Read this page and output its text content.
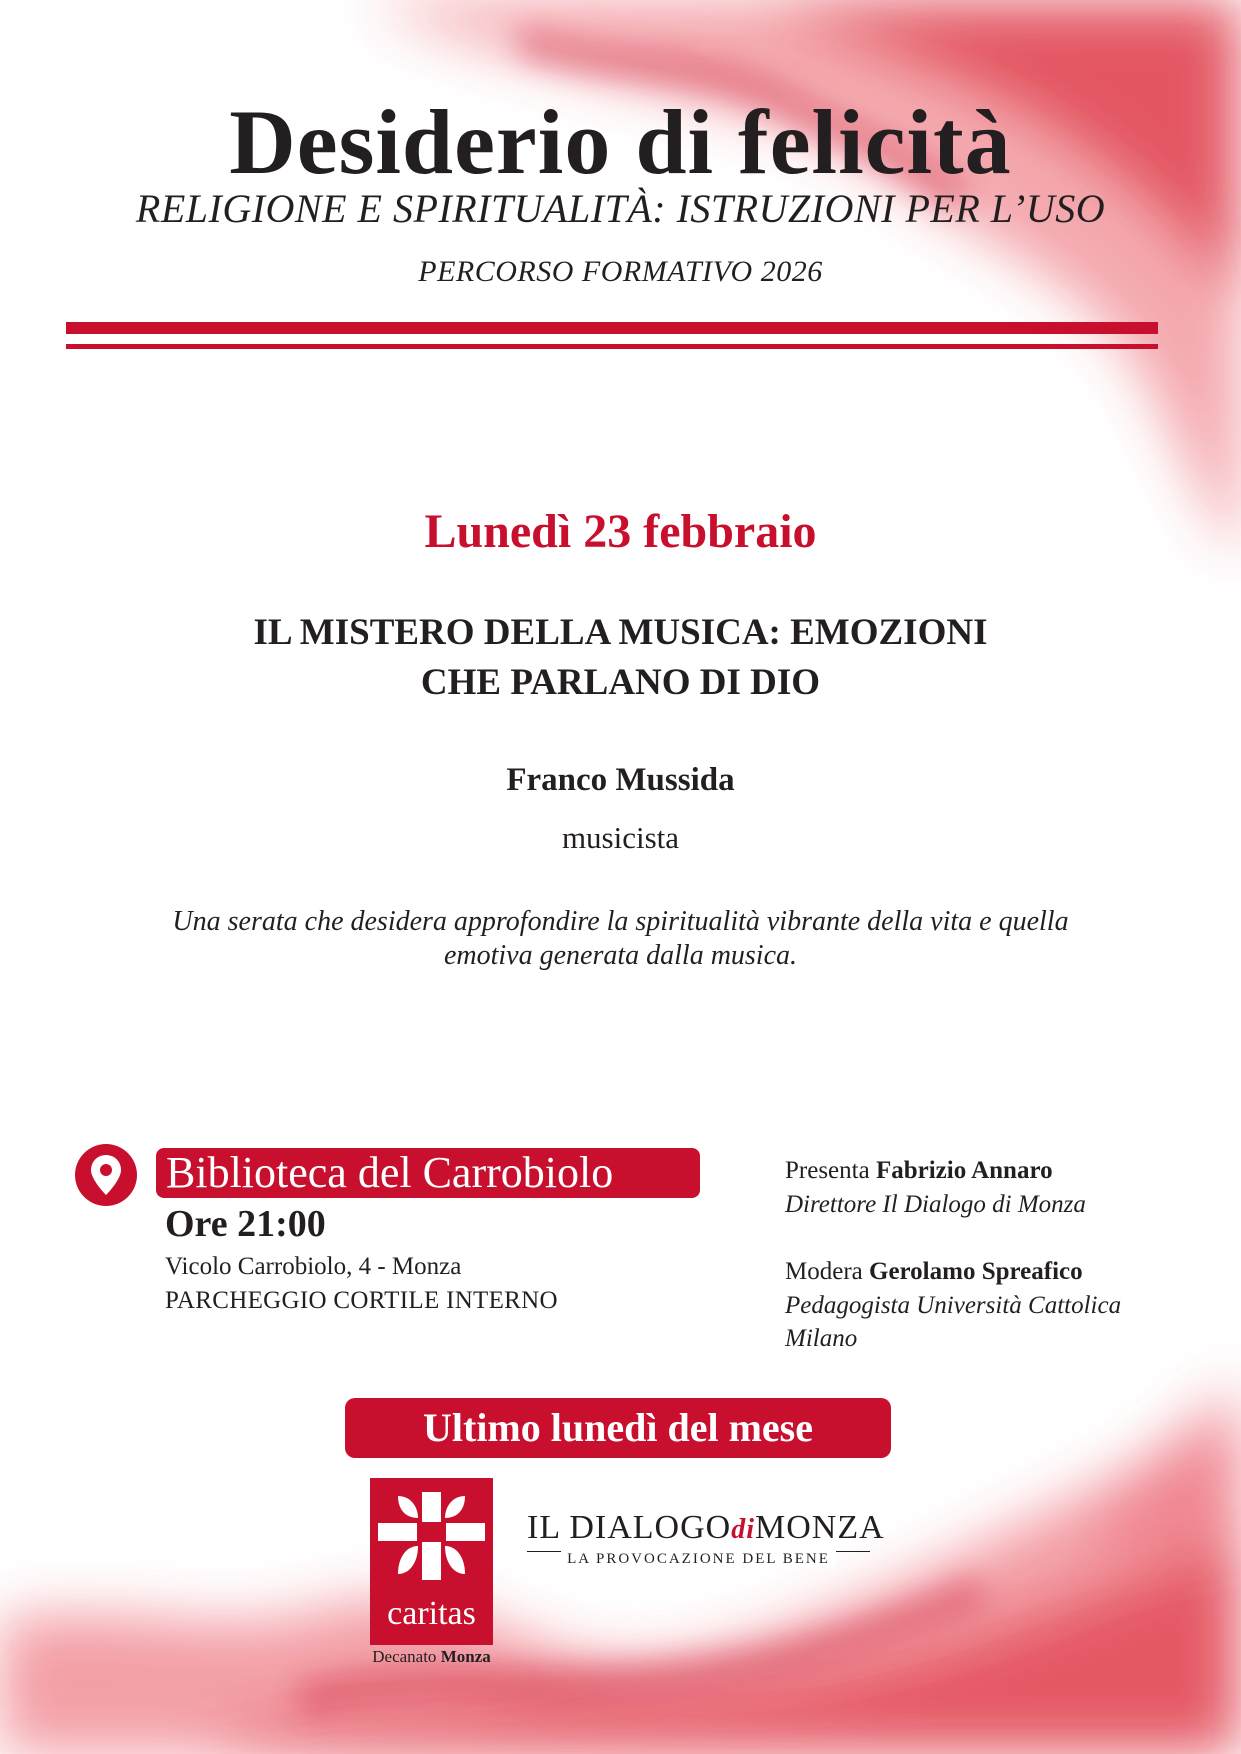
Desiderio di felicità
RELIGIONE E SPIRITUALITÀ: ISTRUZIONI PER L’USO
PERCORSO FORMATIVO 2026
Lunedì 23 febbraio
IL MISTERO DELLA MUSICA: EMOZIONI
CHE PARLANO DI DIO
Franco Mussida
musicista
Una serata che desidera approfondire la spiritualità vibrante della vita e quella
emotiva generata dalla musica.
Biblioteca del Carrobiolo
Ore 21:00
Vicolo Carrobiolo, 4 - Monza
PARCHEGGIO CORTILE INTERNO
Presenta Fabrizio Annaro
Direttore Il Dialogo di Monza
Modera Gerolamo Spreafico
Pedagogista Università Cattolica
Milano
Ultimo lunedì del mese
caritas
Decanato Monza
IL DIALOGOdiMONZA
LA PROVOCAZIONE DEL BENE
